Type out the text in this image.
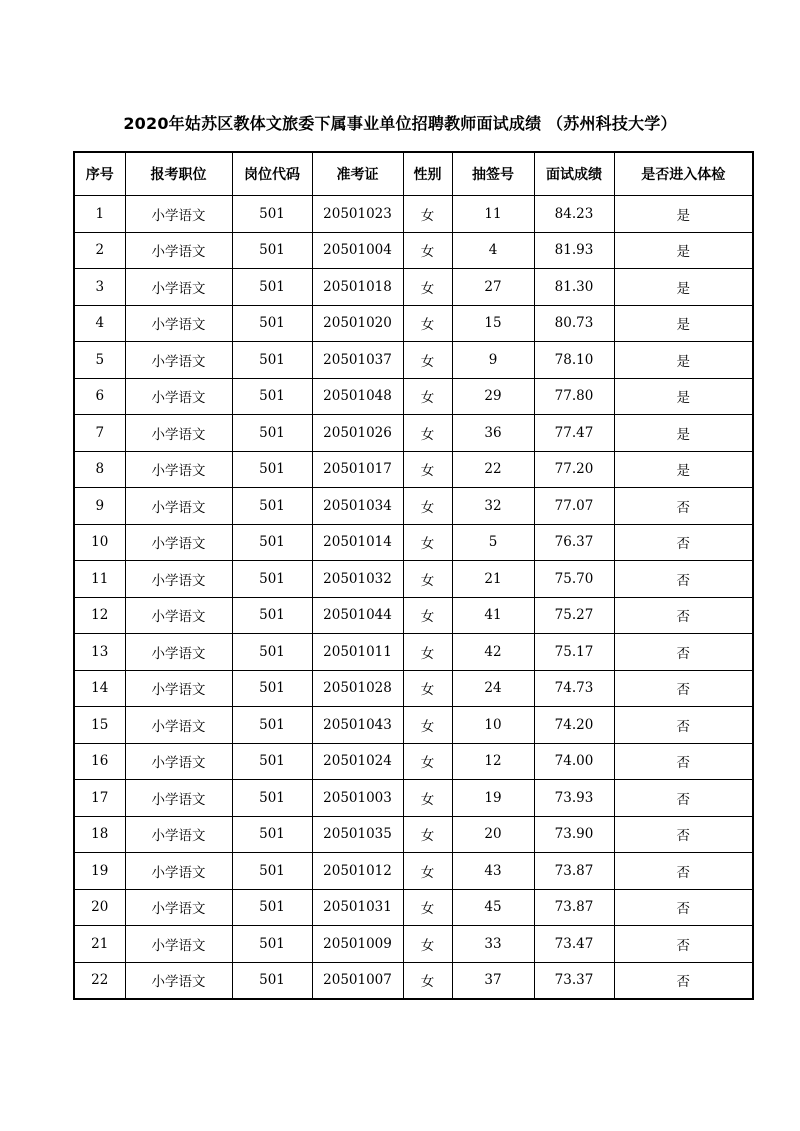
2020年姑苏区教体文旅委下属事业单位招聘教师面试成绩 （苏州科技大学）
序号	报考职位	岗位代码	准考证	性别	抽签号	面试成绩	是否进入体检
1	小学语文	501	20501023	女	11	84.23	是
2	小学语文	501	20501004	女	4	81.93	是
3	小学语文	501	20501018	女	27	81.30	是
4	小学语文	501	20501020	女	15	80.73	是
5	小学语文	501	20501037	女	9	78.10	是
6	小学语文	501	20501048	女	29	77.80	是
7	小学语文	501	20501026	女	36	77.47	是
8	小学语文	501	20501017	女	22	77.20	是
9	小学语文	501	20501034	女	32	77.07	否
10	小学语文	501	20501014	女	5	76.37	否
11	小学语文	501	20501032	女	21	75.70	否
12	小学语文	501	20501044	女	41	75.27	否
13	小学语文	501	20501011	女	42	75.17	否
14	小学语文	501	20501028	女	24	74.73	否
15	小学语文	501	20501043	女	10	74.20	否
16	小学语文	501	20501024	女	12	74.00	否
17	小学语文	501	20501003	女	19	73.93	否
18	小学语文	501	20501035	女	20	73.90	否
19	小学语文	501	20501012	女	43	73.87	否
20	小学语文	501	20501031	女	45	73.87	否
21	小学语文	501	20501009	女	33	73.47	否
22	小学语文	501	20501007	女	37	73.37	否
